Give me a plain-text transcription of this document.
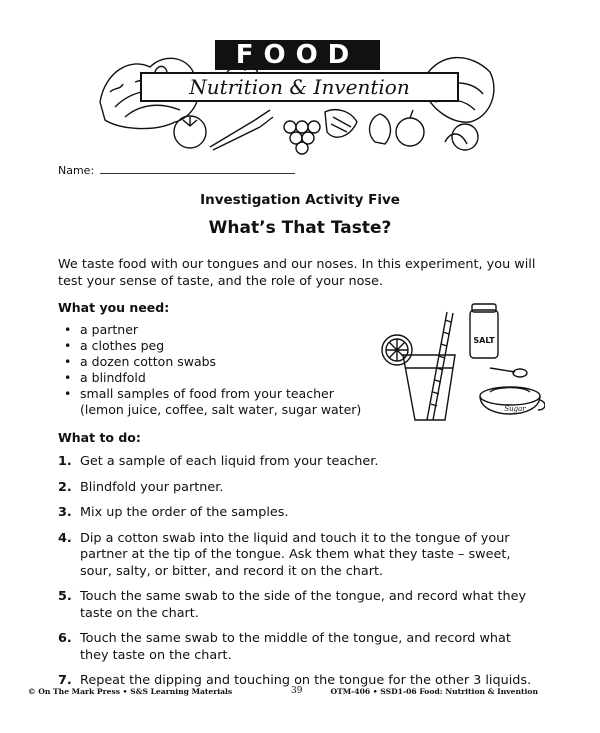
FOOD
Nutrition & Invention
Name:
Investigation Activity Five
What’s That Taste?
We taste food with our tongues and our noses. In this experiment, you will
test your sense of taste, and the role of your nose.
What you need:
• a partner
• a clothes peg
• a dozen cotton swabs
• a blindfold
• small samples of food from your teacher
(lemon juice, coffee, salt water, sugar water)
SALT
Sugar
What to do:
1. Get a sample of each liquid from your teacher.
2. Blindfold your partner.
3. Mix up the order of the samples.
4. Dip a cotton swab into the liquid and touch it to the tongue of your partner at the tip of the tongue. Ask them what they taste – sweet, sour, salty, or bitter, and record it on the chart.
5. Touch the same swab to the side of the tongue, and record what they taste on the chart.
6. Touch the same swab to the middle of the tongue, and record what they taste on the chart.
7. Repeat the dipping and touching on the tongue for the other 3 liquids.
© On The Mark Press • S&S Learning Materials	39	OTM-406 • SSD1-06 Food: Nutrition & Invention
